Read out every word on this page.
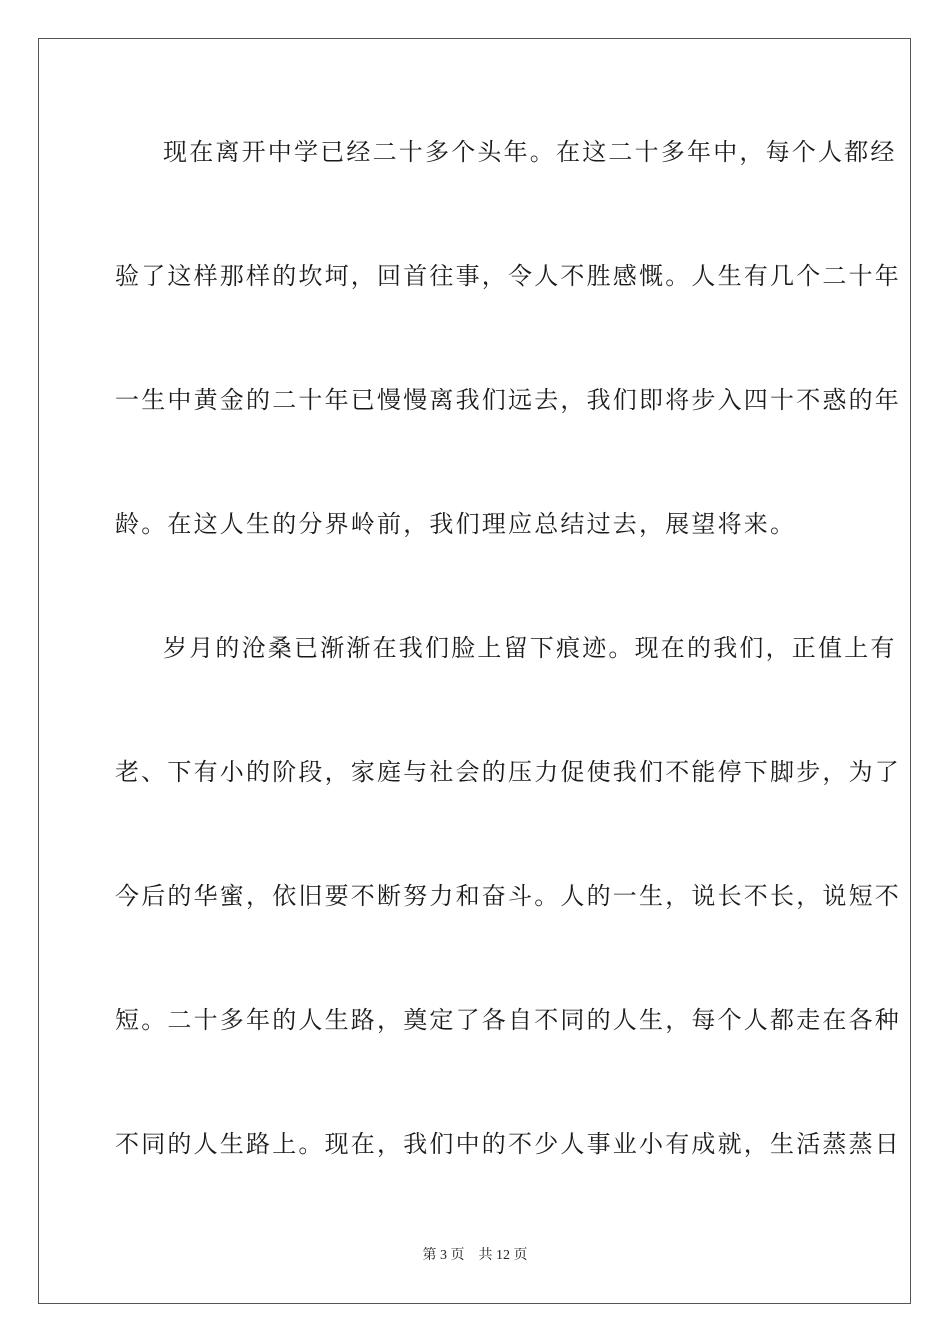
现在离开中学已经二十多个头年。在这二十多年中，每个人都经
验了这样那样的坎坷，回首往事，令人不胜感慨。人生有几个二十年
一生中黄金的二十年已慢慢离我们远去，我们即将步入四十不惑的年
龄。在这人生的分界岭前，我们理应总结过去，展望将来。
岁月的沧桑已渐渐在我们脸上留下痕迹。现在的我们，正值上有
老、下有小的阶段，家庭与社会的压力促使我们不能停下脚步，为了
今后的华蜜，依旧要不断努力和奋斗。人的一生，说长不长，说短不
短。二十多年的人生路，奠定了各自不同的人生，每个人都走在各种
不同的人生路上。现在，我们中的不少人事业小有成就，生活蒸蒸日
第 3 页 共 12 页
